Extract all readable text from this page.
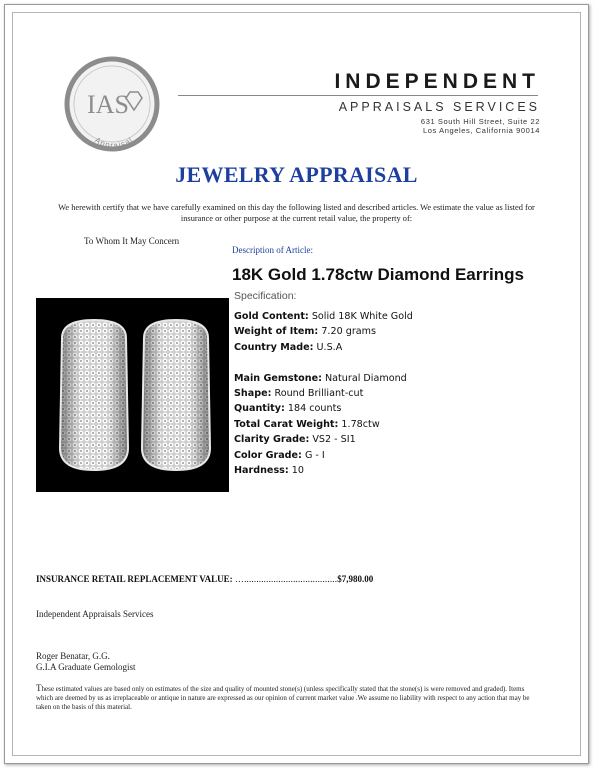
IAS
Appraisal
INDEPENDENT
APPRAISALS SERVICES
631 South Hill Street, Suite 22
Los Angeles, California 90014
JEWELRY APPRAISAL
We herewith certify that we have carefully examined on this day the following listed and described articles. We estimate the value as listed for insurance or other purpose at the current retail value, the property of:
To Whom It May Concern
Description of Article:
18K Gold 1.78ctw Diamond Earrings
Specification:
Gold Content: Solid 18K White Gold
Weight of Item: 7.20 grams
Country Made: U.S.A
Main Gemstone: Natural Diamond
Shape: Round Brilliant-cut
Quantity: 184 counts
Total Carat Weight: 1.78ctw
Clarity Grade: VS2 - SI1
Color Grade: G - I
Hardness: 10
INSURANCE RETAIL REPLACEMENT VALUE: …......................................$7,980.00
Independent Appraisals Services
Roger Benatar, G.G.
G.I.A Graduate Gemologist
These estimated values are based only on estimates of the size and quality of mounted stone(s) (unless specifically stated that the stone(s) is were removed and graded). Items which are deemed by us as irreplaceable or antique in nature are expressed as our opinion of current market value .We assume no liability with respect to any action that may be taken on the basis of this material.
